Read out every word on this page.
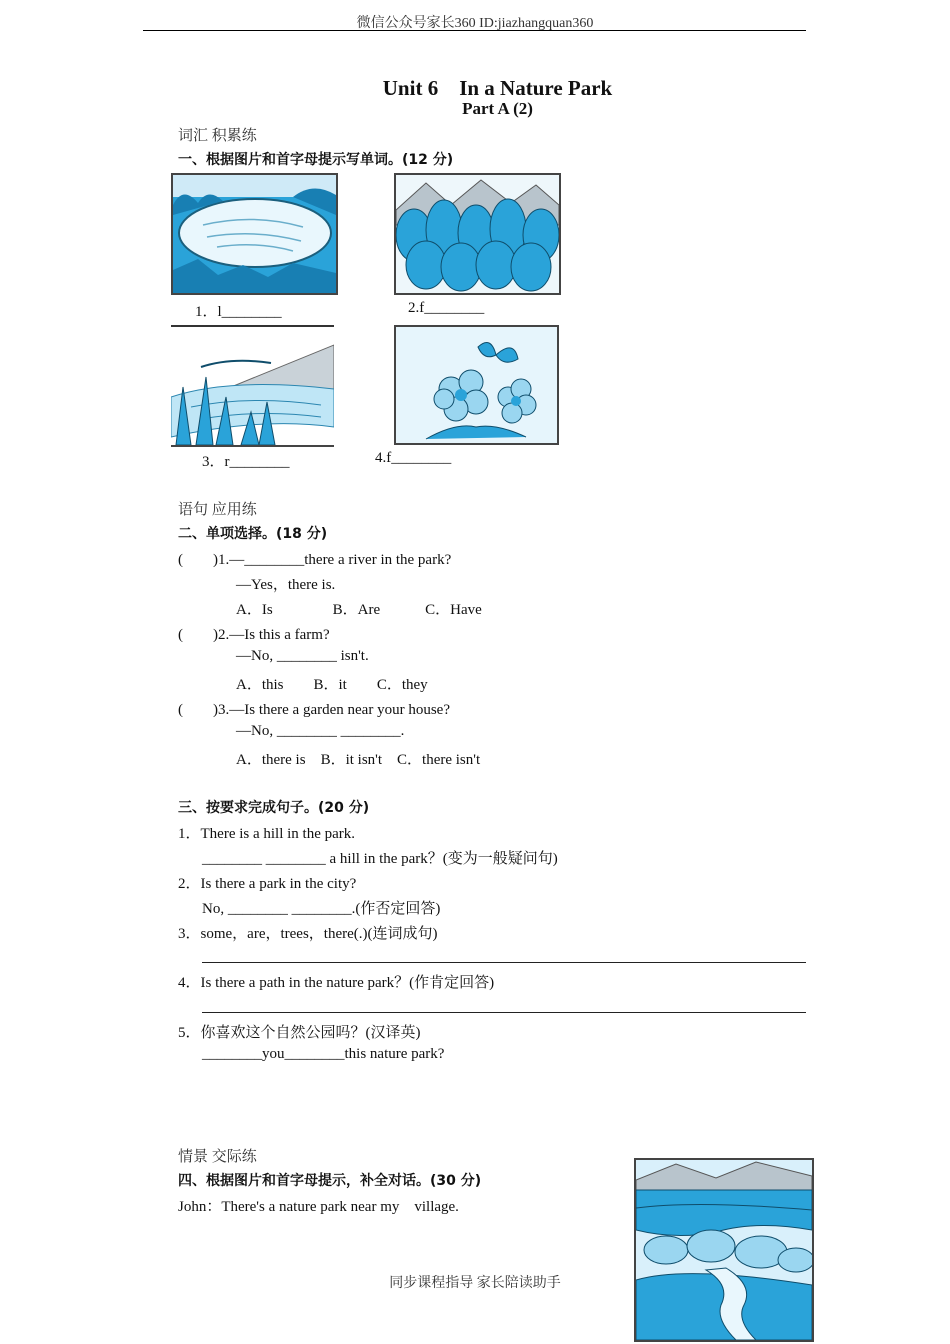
微信公众号家长360 ID:jiazhangquan360
Unit 6　In a Nature Park
Part A (2)
词汇 积累练
一、根据图片和首字母提示写单词。(12 分)
1．l________	2.f________
3．r________	4.f________
语句 应用练
二、单项选择。(18 分)
(　　)1.—________there a river in the park?
—Yes，there is.
A．Is　　　　B．Are　　　C．Have
(　　)2.—Is this a farm?
—No, ________ isn't.
A．this　　B．it　　C．they
(　　)3.—Is there a garden near your house?
—No, ________ ________.
A．there is　B．it isn't　C．there isn't
三、按要求完成句子。(20 分)
1．There is a hill in the park.
________ ________ a hill in the park？(变为一般疑问句)
2．Is there a park in the city?
No, ________ ________.(作否定回答)
3．some，are，trees，there(.)(连词成句)
4．Is there a path in the nature park？(作肯定回答)
5．你喜欢这个自然公园吗？(汉译英)
________you________this nature park?
情景 交际练
四、根据图片和首字母提示，补全对话。(30 分)
John：There's a nature park near my　village.
同步课程指导 家长陪读助手
